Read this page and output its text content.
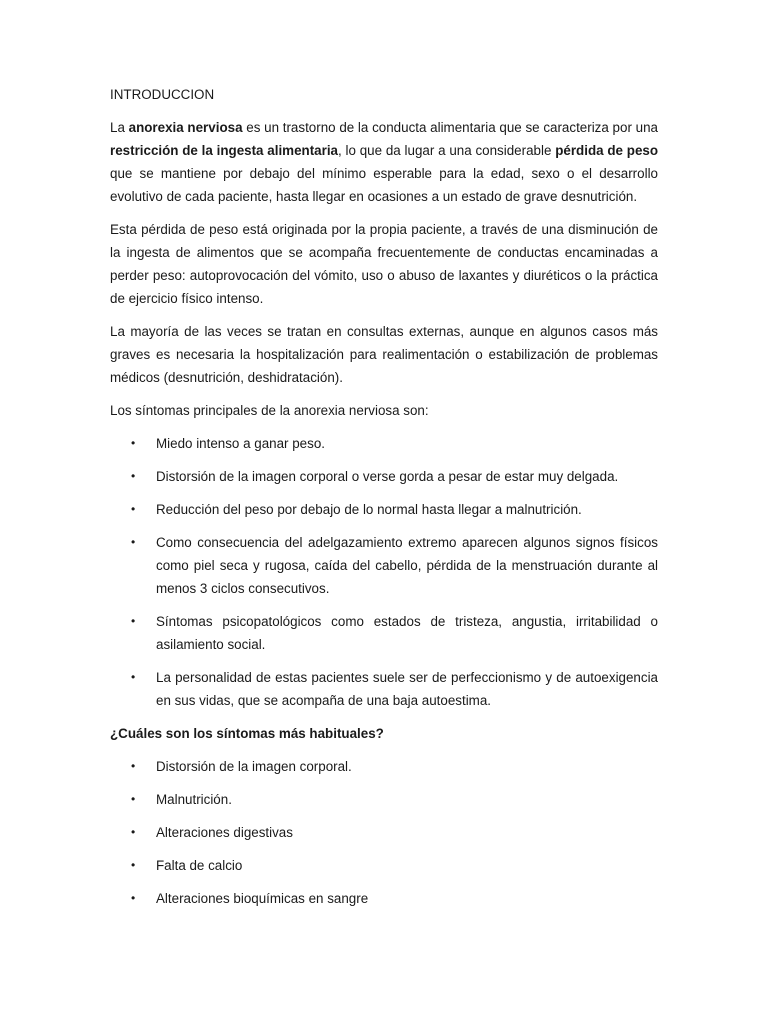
INTRODUCCION

La anorexia nerviosa es un trastorno de la conducta alimentaria que se caracteriza por una restricción de la ingesta alimentaria, lo que da lugar a una considerable pérdida de peso que se mantiene por debajo del mínimo esperable para la edad, sexo o el desarrollo evolutivo de cada paciente, hasta llegar en ocasiones a un estado de grave desnutrición.

Esta pérdida de peso está originada por la propia paciente, a través de una disminución de la ingesta de alimentos que se acompaña frecuentemente de conductas encaminadas a perder peso: autoprovocación del vómito, uso o abuso de laxantes y diuréticos o la práctica de ejercicio físico intenso.

La mayoría de las veces se tratan en consultas externas, aunque en algunos casos más graves es necesaria la hospitalización para realimentación o estabilización de problemas médicos (desnutrición, deshidratación).

Los síntomas principales de la anorexia nerviosa son:

• Miedo intenso a ganar peso.
• Distorsión de la imagen corporal o verse gorda a pesar de estar muy delgada.
• Reducción del peso por debajo de lo normal hasta llegar a malnutrición.
• Como consecuencia del adelgazamiento extremo aparecen algunos signos físicos como piel seca y rugosa, caída del cabello, pérdida de la menstruación durante al menos 3 ciclos consecutivos.
• Síntomas psicopatológicos como estados de tristeza, angustia, irritabilidad o asilamiento social.
• La personalidad de estas pacientes suele ser de perfeccionismo y de autoexigencia en sus vidas, que se acompaña de una baja autoestima.
¿Cuáles son los síntomas más habituales?
• Distorsión de la imagen corporal.
• Malnutrición.
• Alteraciones digestivas
• Falta de calcio
• Alteraciones bioquímicas en sangre
